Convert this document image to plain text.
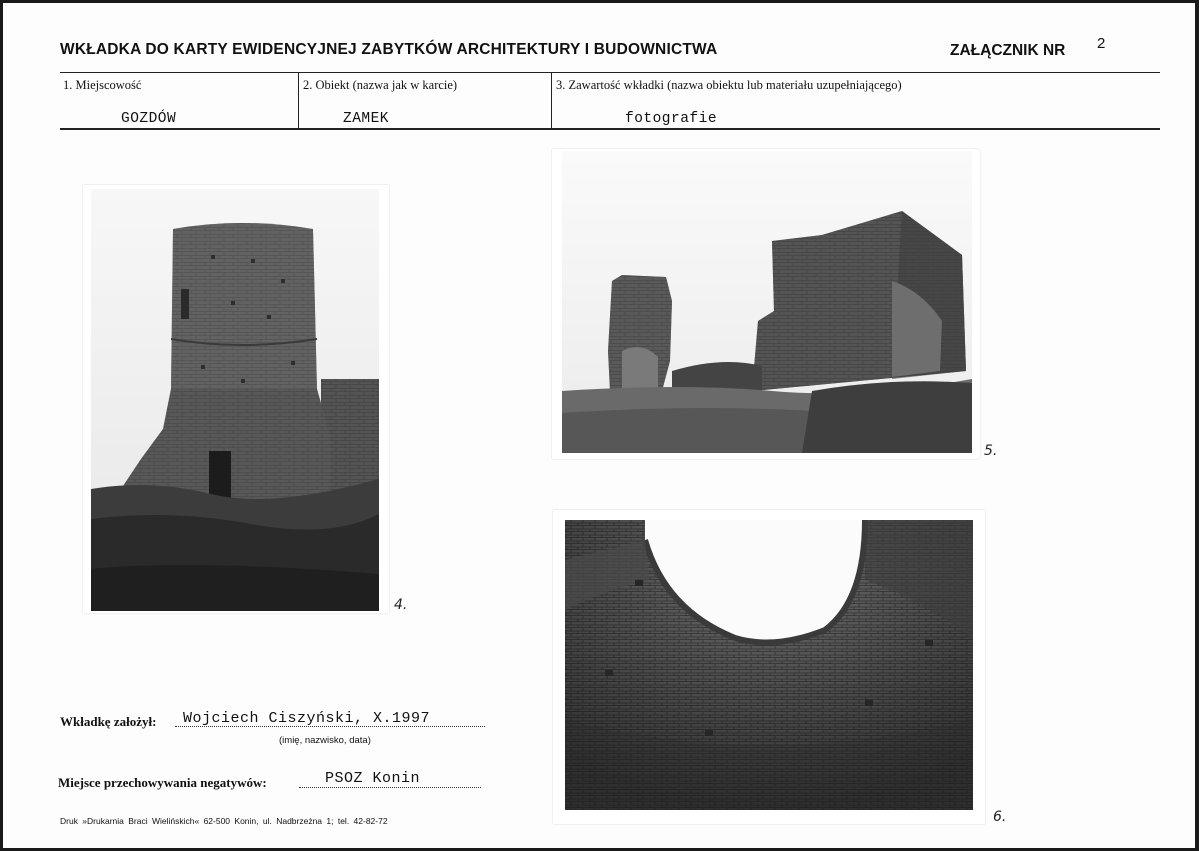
WKŁADKA DO KARTY EWIDENCYJNEJ ZABYTKÓW ARCHITEKTURY I BUDOWNICTWA	ZAŁĄCZNIK NR 2
1. Miejscowość	2. Obiekt (nazwa jak w karcie)	3. Zawartość wkładki (nazwa obiektu lub materiału uzupełniającego)
GOZDÓW	ZAMEK	fotografie
4.
5.
6.
Wkładkę założył: Wojciech Ciszyński, X.1997
(imię, nazwisko, data)
Miejsce przechowywania negatywów:	PSOZ Konin
Druk »Drukarnia Braci Wielińskich« 62-500 Konin, ul. Nadbrzeżna 1; tel. 42-82-72
